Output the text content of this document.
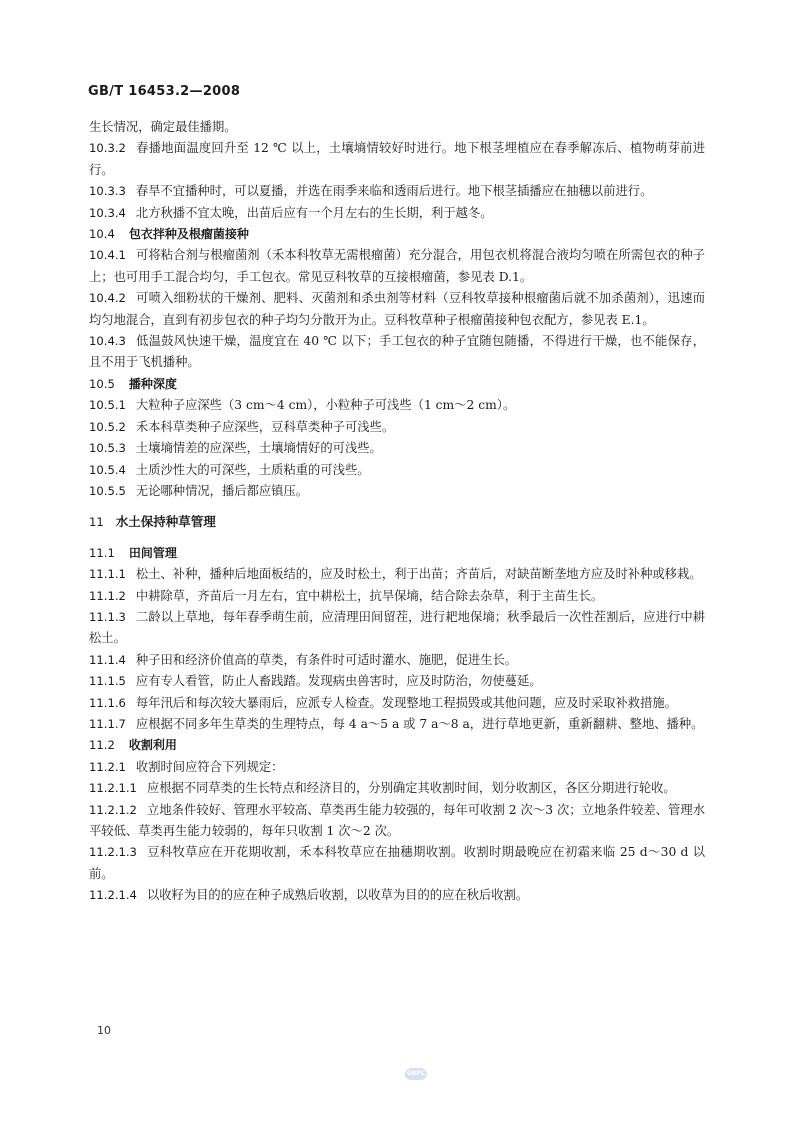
GB/T 16453.2—2008

生长情况，确定最佳播期。

10.3.2 春播地面温度回升至 12 ℃ 以上，土壤墒情较好时进行。地下根茎埋植应在春季解冻后、植物萌芽前进行。

10.3.3 春旱不宜播种时，可以夏播，并选在雨季来临和透雨后进行。地下根茎插播应在抽穗以前进行。

10.3.4 北方秋播不宜太晚，出苗后应有一个月左右的生长期，利于越冬。

10.4 包衣拌种及根瘤菌接种

10.4.1 可将粘合剂与根瘤菌剂（禾本科牧草无需根瘤菌）充分混合，用包衣机将混合液均匀喷在所需包衣的种子上；也可用手工混合均匀，手工包衣。常见豆科牧草的互接根瘤菌，参见表 D.1。

10.4.2 可喷入细粉状的干燥剂、肥料、灭菌剂和杀虫剂等材料（豆科牧草接种根瘤菌后就不加杀菌剂），迅速而均匀地混合，直到有初步包衣的种子均匀分散开为止。豆科牧草种子根瘤菌接种包衣配方，参见表 E.1。

10.4.3 低温鼓风快速干燥，温度宜在 40 ℃ 以下；手工包衣的种子宜随包随播，不得进行干燥，也不能保存，且不用于飞机播种。

10.5 播种深度

10.5.1 大粒种子应深些（3 cm～4 cm），小粒种子可浅些（1 cm～2 cm）。

10.5.2 禾本科草类种子应深些，豆科草类种子可浅些。

10.5.3 土壤墒情差的应深些，土壤墒情好的可浅些。

10.5.4 土质沙性大的可深些，土质粘重的可浅些。

10.5.5 无论哪种情况，播后都应镇压。

11 水土保持种草管理

11.1 田间管理

11.1.1 松土、补种，播种后地面板结的，应及时松土，利于出苗；齐苗后，对缺苗断垄地方应及时补种或移栽。

11.1.2 中耕除草，齐苗后一月左右，宜中耕松土，抗旱保墒，结合除去杂草，利于主苗生长。

11.1.3 二龄以上草地，每年春季萌生前，应清理田间留茬，进行耙地保墒；秋季最后一次性茬割后，应进行中耕松土。

11.1.4 种子田和经济价值高的草类，有条件时可适时灌水、施肥，促进生长。

11.1.5 应有专人看管，防止人畜践踏。发现病虫兽害时，应及时防治，勿使蔓延。

11.1.6 每年汛后和每次较大暴雨后，应派专人检查。发现整地工程损毁或其他问题，应及时采取补救措施。

11.1.7 应根据不同多年生草类的生理特点，每 4 a～5 a 或 7 a～8 a，进行草地更新，重新翻耕、整地、播种。

11.2 收割利用

11.2.1 收割时间应符合下列规定：

11.2.1.1 应根据不同草类的生长特点和经济目的，分别确定其收割时间，划分收割区，各区分期进行轮收。

11.2.1.2 立地条件较好、管理水平较高、草类再生能力较强的，每年可收割 2 次～3 次；立地条件较差、管理水平较低、草类再生能力较弱的，每年只收割 1 次～2 次。

11.2.1.3 豆科牧草应在开花期收割，禾本科牧草应在抽穗期收割。收割时期最晚应在初霜来临 25 d～30 d 以前。

11.2.1.4 以收籽为目的的应在种子成熟后收割，以收草为目的的应在秋后收割。

10
GBPC
